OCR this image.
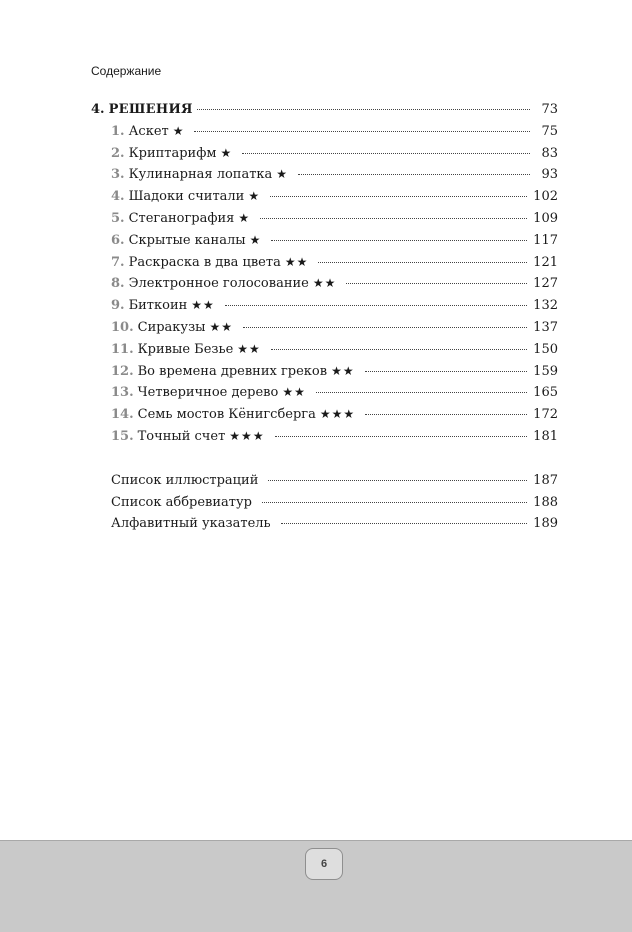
Содержание
4. РЕШЕНИЯ	73
1. Аскет ★	75
2. Криптарифм ★	83
3. Кулинарная лопатка ★	93
4. Шадоки считали ★	102
5. Стеганография ★	109
6. Скрытые каналы ★	117
7. Раскраска в два цвета ★★	121
8. Электронное голосование ★★	127
9. Биткоин ★★	132
10. Сиракузы ★★	137
11. Кривые Безье ★★	150
12. Во времена древних греков ★★	159
13. Четверичное дерево ★★	165
14. Семь мостов Кёнигсберга ★★★	172
15. Точный счет ★★★	181
Список иллюстраций	187
Список аббревиатур	188
Алфавитный указатель	189
6
